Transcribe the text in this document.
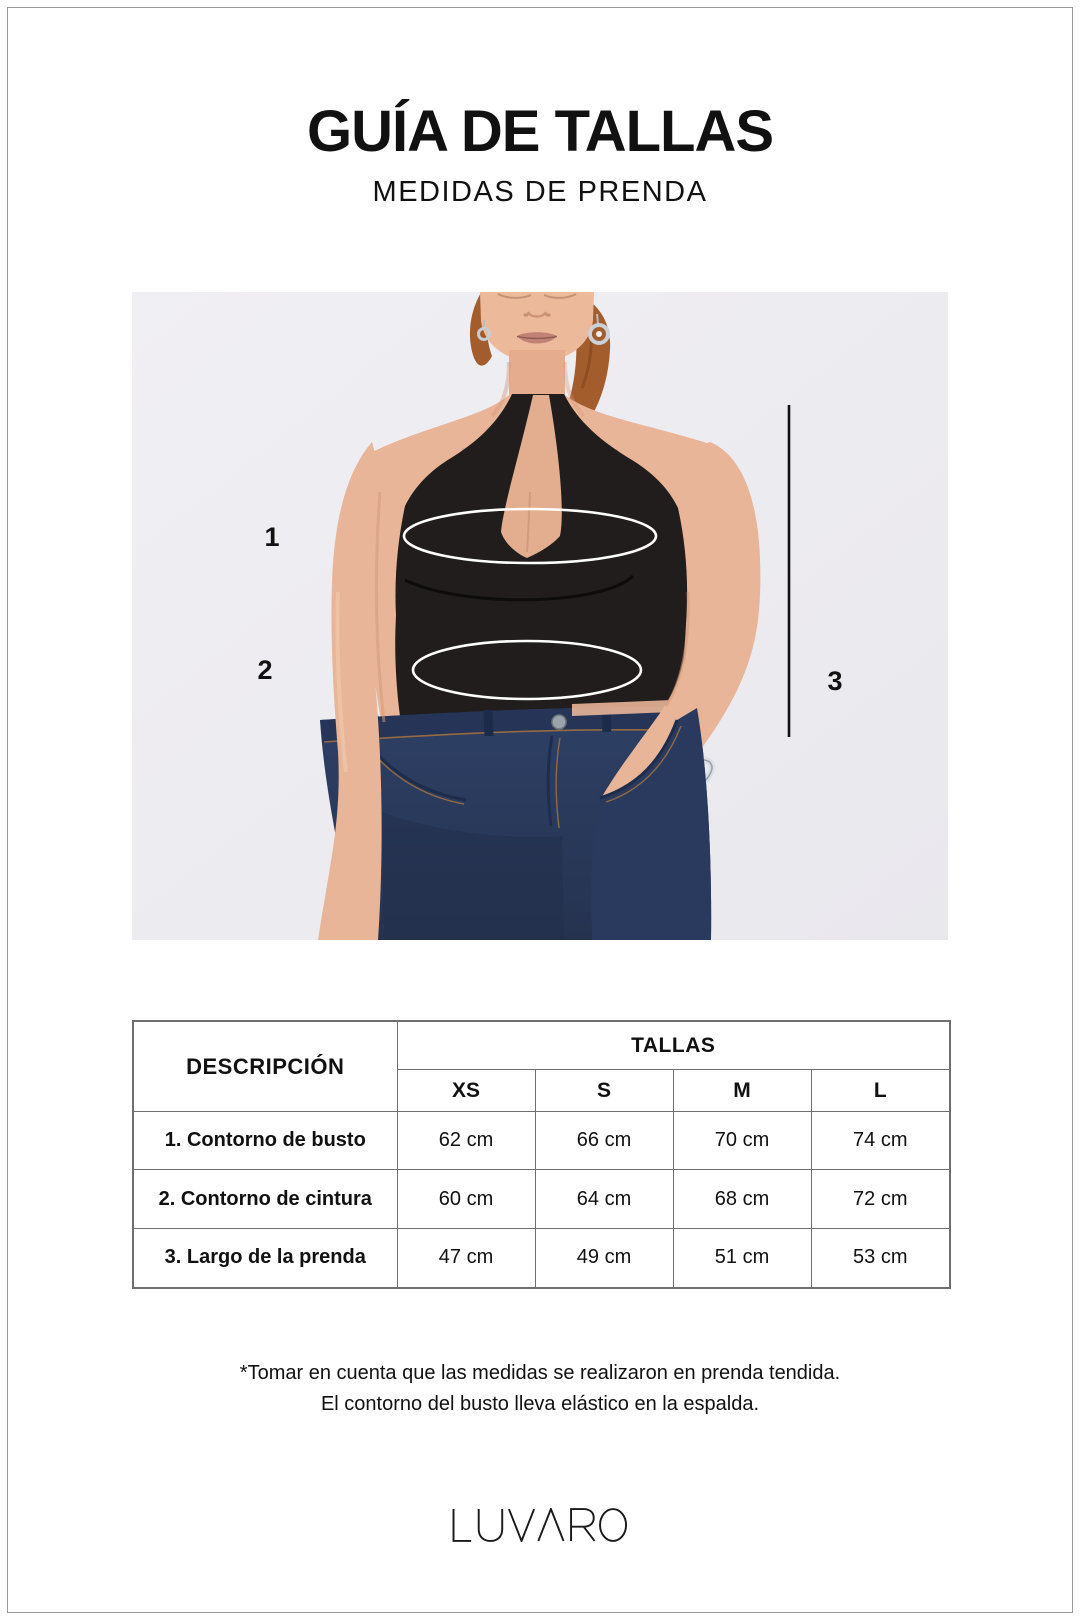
GUÍA DE TALLAS
MEDIDAS DE PRENDA
1
2	3
DESCRIPCIÓN	TALLAS			
	XS	S	M	L
1. Contorno de busto	62 cm	66 cm	70 cm	74 cm
2. Contorno de cintura	60 cm	64 cm	68 cm	72 cm
3. Largo de la prenda	47 cm	49 cm	51 cm	53 cm
*Tomar en cuenta que las medidas se realizaron en prenda tendida.
El contorno del busto lleva elástico en la espalda.
